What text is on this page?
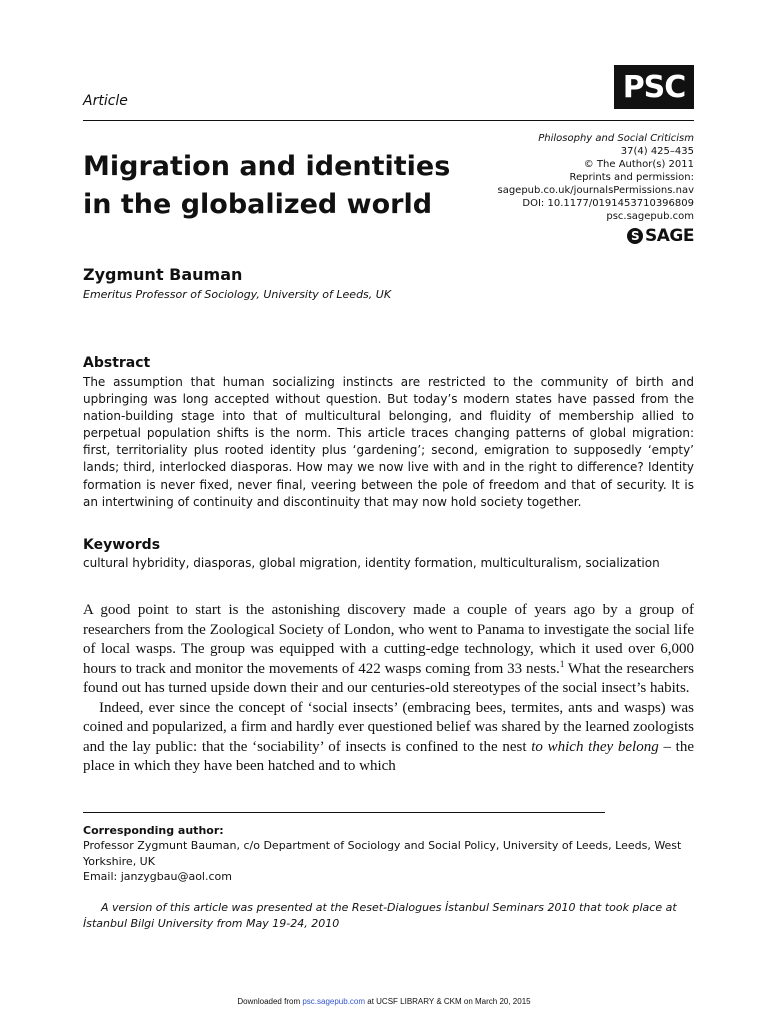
Article	PSC
Philosophy and Social Criticism
37(4) 425–435
© The Author(s) 2011
Reprints and permission:
sagepub.co.uk/journalsPermissions.nav
DOI: 10.1177/0191453710396809
psc.sagepub.com
S SAGE
Migration and identities in the globalized world
Zygmunt Bauman
Emeritus Professor of Sociology, University of Leeds, UK
Abstract
The assumption that human socializing instincts are restricted to the community of birth and upbringing was long accepted without question. But today’s modern states have passed from the nation-building stage into that of multicultural belonging, and fluidity of membership allied to perpetual population shifts is the norm. This article traces changing patterns of global migration: first, territoriality plus rooted identity plus ‘gardening’; second, emigration to supposedly ‘empty’ lands; third, interlocked diasporas. How may we now live with and in the right to difference? Identity formation is never fixed, never final, veering between the pole of freedom and that of security. It is an intertwining of continuity and discontinuity that may now hold society together.
Keywords
cultural hybridity, diasporas, global migration, identity formation, multiculturalism, socialization

A good point to start is the astonishing discovery made a couple of years ago by a group of researchers from the Zoological Society of London, who went to Panama to investigate the social life of local wasps. The group was equipped with a cutting-edge technology, which it used over 6,000 hours to track and monitor the movements of 422 wasps coming from 33 nests.$^1$ What the researchers found out has turned upside down their and our centuries-old stereotypes of the social insect’s habits.

Indeed, ever since the concept of ‘social insects’ (embracing bees, termites, ants and wasps) was coined and popularized, a firm and hardly ever questioned belief was shared by the learned zoologists and the lay public: that the ‘sociability’ of insects is confined to the nest to which they belong – the place in which they have been hatched and to which

Corresponding author:
Professor Zygmunt Bauman, c/o Department of Sociology and Social Policy, University of Leeds, Leeds, West Yorkshire, UK
Email: janzygbau@aol.com
A version of this article was presented at the Reset-Dialogues İstanbul Seminars 2010 that took place at İstanbul Bilgi University from May 19-24, 2010
Downloaded from psc.sagepub.com at UCSF LIBRARY & CKM on March 20, 2015
